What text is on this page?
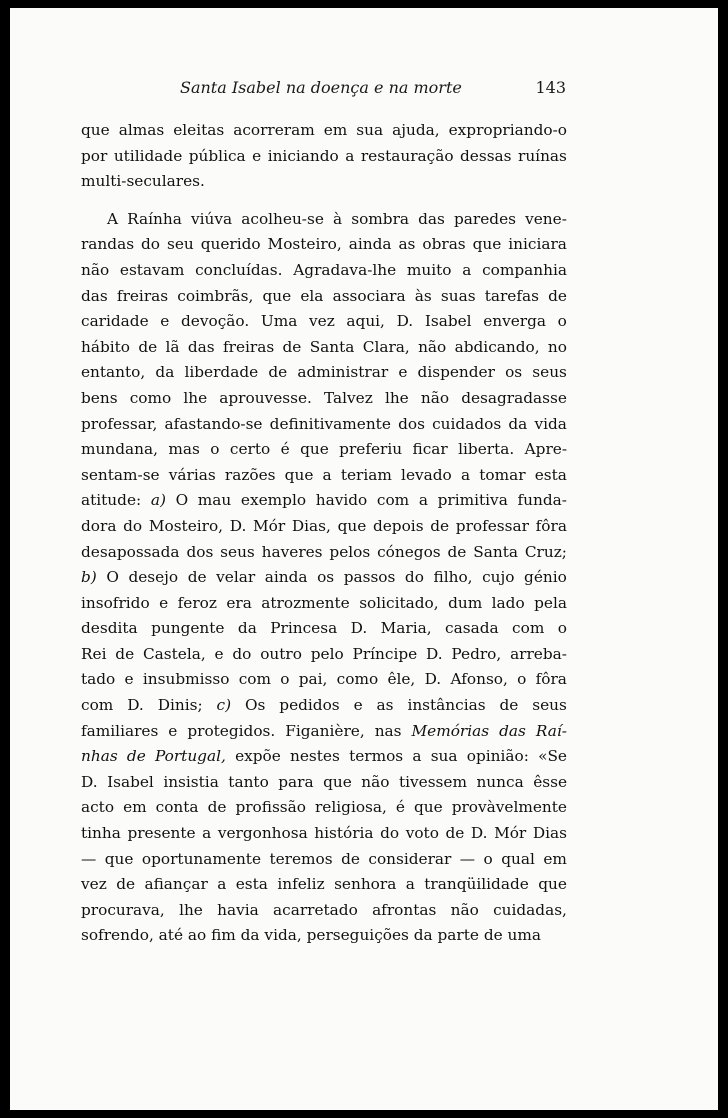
Santa Isabel na doença e na morte	143
que almas eleitas acorreram em sua ajuda, expropriando-o
por utilidade pública e iniciando a restauração dessas ruínas
multi-seculares.
A Raínha viúva acolheu-se à sombra das paredes vene-
randas do seu querido Mosteiro, ainda as obras que iniciara
não estavam concluídas. Agradava-lhe muito a companhia
das freiras coimbrãs, que ela associara às suas tarefas de
caridade e devoção. Uma vez aqui, D. Isabel enverga o
hábito de lã das freiras de Santa Clara, não abdicando, no
entanto, da liberdade de administrar e dispender os seus
bens como lhe aprouvesse. Talvez lhe não desagradasse
professar, afastando-se definitivamente dos cuidados da vida
mundana, mas o certo é que preferiu ficar liberta. Apre-
sentam-se várias razões que a teriam levado a tomar esta
atitude: a) O mau exemplo havido com a primitiva funda-
dora do Mosteiro, D. Mór Dias, que depois de professar fôra
desapossada dos seus haveres pelos cónegos de Santa Cruz;
b) O desejo de velar ainda os passos do filho, cujo génio
insofrido e feroz era atrozmente solicitado, dum lado pela
desdita pungente da Princesa D. Maria, casada com o
Rei de Castela, e do outro pelo Príncipe D. Pedro, arreba-
tado e insubmisso com o pai, como êle, D. Afonso, o fôra
com D. Dinis; c) Os pedidos e as instâncias de seus
familiares e protegidos. Figanière, nas Memórias das Raí-
nhas de Portugal, expõe nestes termos a sua opinião: «Se
D. Isabel insistia tanto para que não tivessem nunca êsse
acto em conta de profissão religiosa, é que provàvelmente
tinha presente a vergonhosa história do voto de D. Mór Dias
— que oportunamente teremos de considerar — o qual em
vez de afiançar a esta infeliz senhora a tranqüilidade que
procurava, lhe havia acarretado afrontas não cuidadas,
sofrendo, até ao fim da vida, perseguições da parte de uma
